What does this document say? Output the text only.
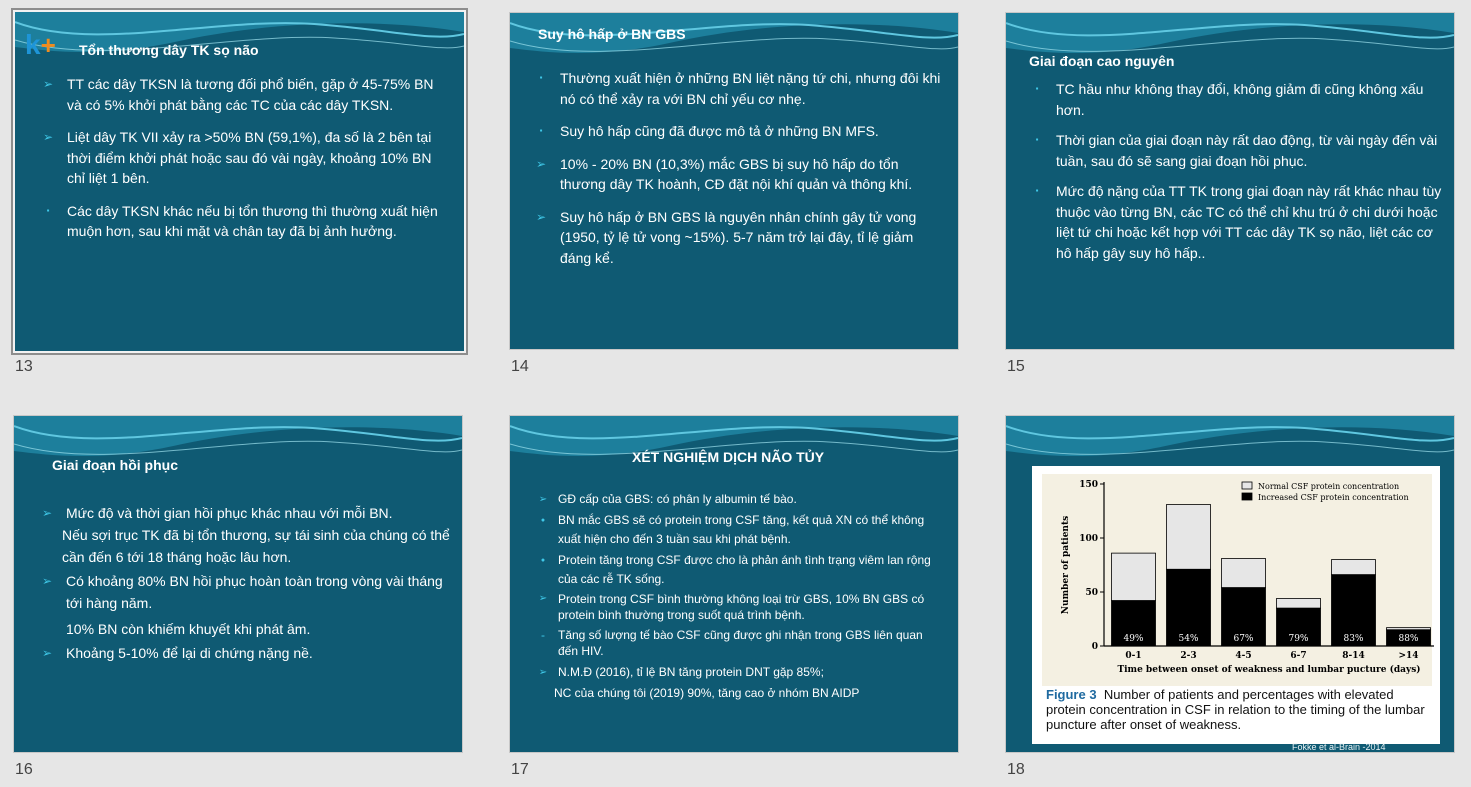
k+ Tổn thương dây TK sọ não
➢ TT các dây TKSN là tương đối phổ biến, gặp ở 45-75% BN và có 5% khởi phát bằng các TC của các dây TKSN.
➢ Liệt dây TK VII xảy ra >50% BN (59,1%), đa số là 2 bên tại thời điểm khởi phát hoặc sau đó vài ngày, khoảng 10% BN chỉ liệt 1 bên.
▪	Các dây TKSN khác nếu bị tổn thương thì thường xuất hiện muộn hơn, sau khi mặt và chân tay đã bị ảnh hưởng.
13
Suy hô hấp ở BN GBS
▪	Thường xuất hiện ở những BN liệt nặng tứ chi, nhưng đôi khi nó có thể xảy ra với BN chỉ yếu cơ nhẹ.
▪	Suy hô hấp cũng đã được mô tả ở những BN MFS.
➢ 10% - 20% BN (10,3%) mắc GBS bị suy hô hấp do tổn thương dây TK hoành, CĐ đặt nội khí quản và thông khí.
➢ Suy hô hấp ở BN GBS là nguyên nhân chính gây tử vong (1950, tỷ lệ tử vong ~15%). 5-7 năm trở lại đây, tỉ lệ giảm đáng kể.
14
Giai đoạn cao nguyên
▪	TC hầu như không thay đổi, không giảm đi cũng không xấu hơn.
▪	Thời gian của giai đoạn này rất dao động, từ vài ngày đến vài tuần, sau đó sẽ sang giai đoạn hồi phục.
▪	Mức độ nặng của TT TK trong giai đoạn này rất khác nhau tùy thuộc vào từng BN, các TC có thể chỉ khu trú ở chi dưới hoặc liệt tứ chi hoặc kết hợp với TT các dây TK sọ não, liệt các cơ hô hấp gây suy hô hấp..
15
Giai đoạn hồi phục
➢ Mức độ và thời gian hồi phục khác nhau với mỗi BN.
Nếu sợi trục TK đã bị tổn thương, sự tái sinh của chúng có thể cần đến 6 tới 18 tháng hoặc lâu hơn.
➢ Có khoảng 80% BN hồi phục hoàn toàn trong vòng vài tháng tới hàng năm.
10% BN còn khiếm khuyết khi phát âm.
➢ Khoảng 5-10% để lại di chứng nặng nề.
16
XÉT NGHIỆM DỊCH NÃO TỦY
➢ GĐ cấp của GBS: có phân ly albumin tế bào.
●	BN mắc GBS sẽ có protein trong CSF tăng, kết quả XN có thể không xuất hiện cho đến 3 tuần sau khi phát bệnh.
●	Protein tăng trong CSF được cho là phản ánh tình trạng viêm lan rộng của các rễ TK sống.
➢ Protein trong CSF bình thường không loại trừ GBS, 10% BN GBS có protein bình thường trong suốt quá trình bệnh.
-	Tăng số lượng tế bào CSF cũng được ghi nhận trong GBS liên quan đến HIV.
➢ N.M.Đ (2016), tỉ lệ BN tăng protein DNT gặp 85%;
NC của chúng tôi (2019) 90%, tăng cao ở nhóm BN AIDP
17
0
50
100
150
Number of patients
49%
0-1
54%
2-3
67%
4-5
79%
6-7
83%
8-14
88%
>14
Time between onset of weakness and lumbar pucture (days)
Normal CSF protein concentration
Increased CSF protein concentration
Figure 3 Number of patients and percentages with elevated protein concentration in CSF in relation to the timing of the lumbar puncture after onset of weakness.
Fokke et al-Brain -2014
18
